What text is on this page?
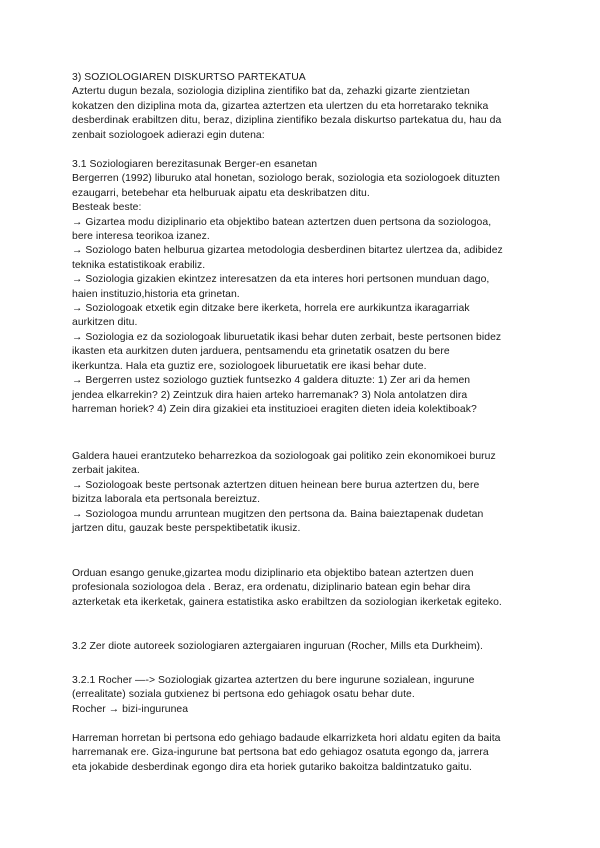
3) SOZIOLOGIAREN DISKURTSO PARTEKATUA

Aztertu dugun bezala, soziologia diziplina zientifiko bat da, zehazki gizarte zientzietan
kokatzen den diziplina mota da, gizartea aztertzen eta ulertzen du eta horretarako teknika
desberdinak erabiltzen ditu, beraz, diziplina zientifiko bezala diskurtso partekatua du, hau da
zenbait soziologoek adierazi egin dutena:

3.1 Soziologiaren berezitasunak Berger-en esanetan

Bergerren (1992) liburuko atal honetan, soziologo berak, soziologia eta soziologoek dituzten
ezaugarri, betebehar eta helburuak aipatu eta deskribatzen ditu.
Besteak beste:
→ Gizartea modu diziplinario eta objektibo batean aztertzen duen pertsona da soziologoa,
bere interesa teorikoa izanez.
→ Soziologo baten helburua gizartea metodologia desberdinen bitartez ulertzea da, adibidez
teknika estatistikoak erabiliz.
→ Soziologia gizakien ekintzez interesatzen da eta interes hori pertsonen munduan dago,
haien instituzio,historia eta grinetan.
→ Soziologoak etxetik egin ditzake bere ikerketa, horrela ere aurkikuntza ikaragarriak
aurkitzen ditu.
→ Soziologia ez da soziologoak liburuetatik ikasi behar duten zerbait, beste pertsonen bidez
ikasten eta aurkitzen duten jarduera, pentsamendu eta grinetatik osatzen du bere
ikerkuntza. Hala eta guztiz ere, soziologoek liburuetatik ere ikasi behar dute.
→ Bergerren ustez soziologo guztiek funtsezko 4 galdera dituzte: 1) Zer ari da hemen
jendea elkarrekin? 2) Zeintzuk dira haien arteko harremanak? 3) Nola antolatzen dira
harreman horiek? 4) Zein dira gizakiei eta instituzioei eragiten dieten ideia kolektiboak?

Galdera hauei erantzuteko beharrezkoa da soziologoak gai politiko zein ekonomikoei buruz
zerbait jakitea.
→ Soziologoak beste pertsonak aztertzen dituen heinean bere burua aztertzen du, bere
bizitza laborala eta pertsonala bereiztuz.
→ Soziologoa mundu arruntean mugitzen den pertsona da. Baina baieztapenak dudetan
jartzen ditu, gauzak beste perspektibetatik ikusiz.
Orduan esango genuke,gizartea modu diziplinario eta objektibo batean aztertzen duen
profesionala soziologoa dela . Beraz, era ordenatu, diziplinario batean egin behar dira
azterketak eta ikerketak, gainera estatistika asko erabiltzen da soziologian ikerketak egiteko.

3.2 Zer diote autoreek soziologiaren aztergaiaren inguruan (Rocher, Mills eta Durkheim).

3.2.1 Rocher —-> Soziologiak gizartea aztertzen du bere ingurune sozialean, ingurune
(errealitate) soziala gutxienez bi pertsona edo gehiagok osatu behar dute.
Rocher → bizi-ingurunea
Harreman horretan bi pertsona edo gehiago badaude elkarrizketa hori aldatu egiten da baita
harremanak ere. Giza-ingurune bat pertsona bat edo gehiagoz osatuta egongo da, jarrera
eta jokabide desberdinak egongo dira eta horiek gutariko bakoitza baldintzatuko gaitu.
